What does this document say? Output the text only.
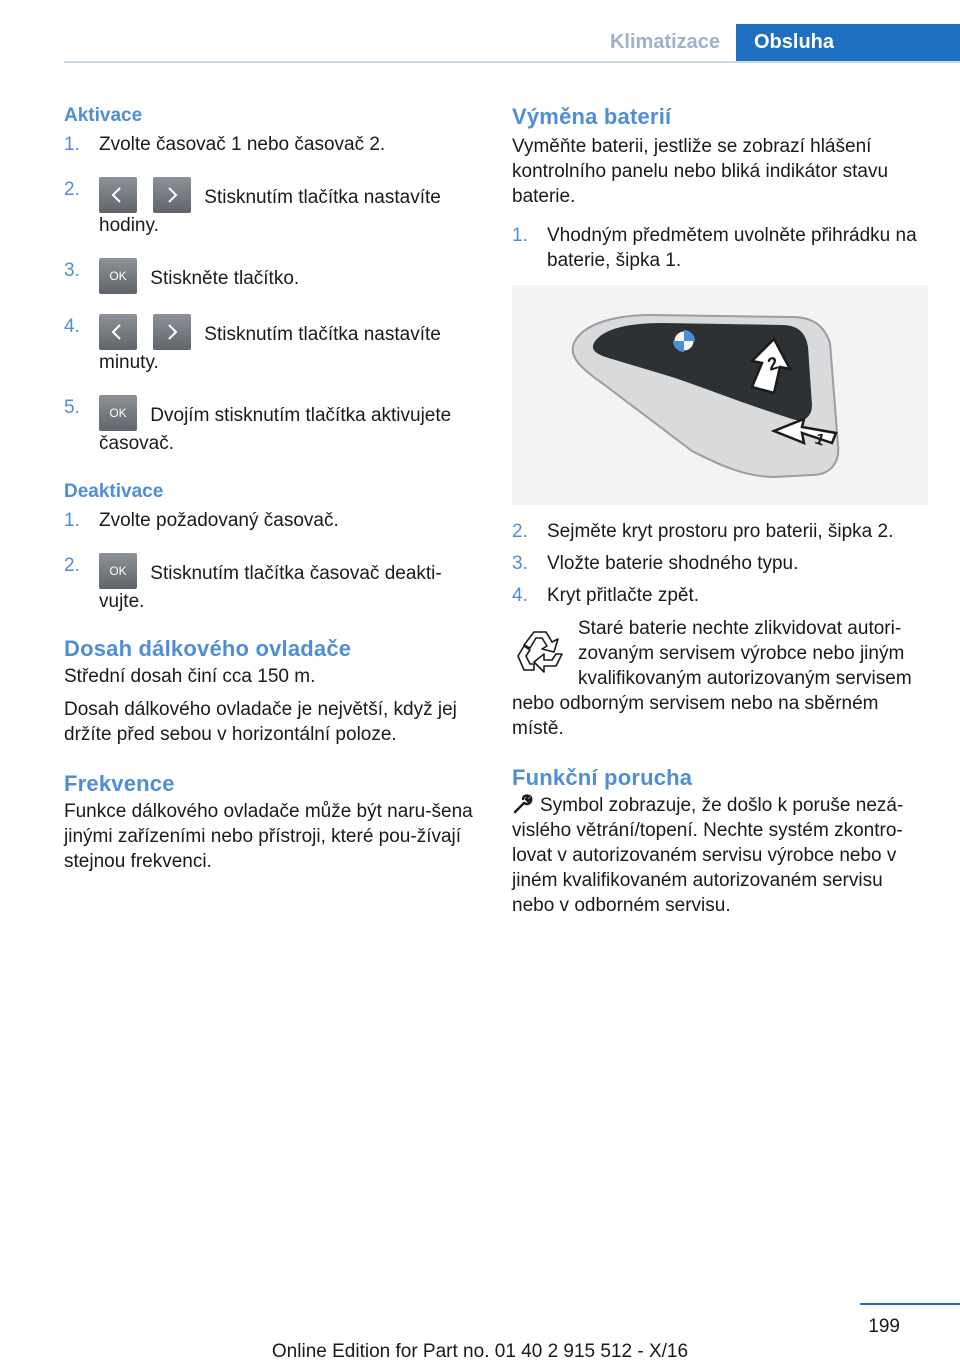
Klimatizace	Obsluha
Aktivace
1. Zvolte časovač 1 nebo časovač 2.
2.	Stisknutím tlačítka nastavíte hodiny.
3. OK Stiskněte tlačítko.
4.	Stisknutím tlačítka nastavíte minuty.
5. OK Dvojím stisknutím tlačítka aktivujete časovač.
Deaktivace
1. Zvolte požadovaný časovač.
2. OK Stisknutím tlačítka časovač deakti‐vujte.
Dosah dálkového ovladače

Střední dosah činí cca 150 m.

Dosah dálkového ovladače je největší, když jej držíte před sebou v horizontální poloze.

Frekvence

Funkce dálkového ovladače může být naru‐šena jinými zařízeními nebo přístroji, které pou‐žívají stejnou frekvenci.

Výměna baterií

Vyměňte baterii, jestliže se zobrazí hlášení kontrolního panelu nebo bliká indikátor stavu baterie.

1. Vhodným předmětem uvolněte přihrádku na baterie, šipka 1.
2
1
2. Sejměte kryt prostoru pro baterii, šipka 2.
3. Vložte baterie shodného typu.
4. Kryt přitlačte zpět.

Staré baterie nechte zlikvidovat autori‐zovaným servisem výrobce nebo jiným kvalifikovaným autorizovaným servisem nebo odborným servisem nebo na sběrném místě.

Funkční porucha

Symbol zobrazuje, že došlo k poruše nezá‐vislého větrání/topení. Nechte systém zkontro‐lovat v autorizovaném servisu výrobce nebo v jiném kvalifikovaném autorizovaném servisu nebo v odborném servisu.

199
Online Edition for Part no. 01 40 2 915 512 - X/16
